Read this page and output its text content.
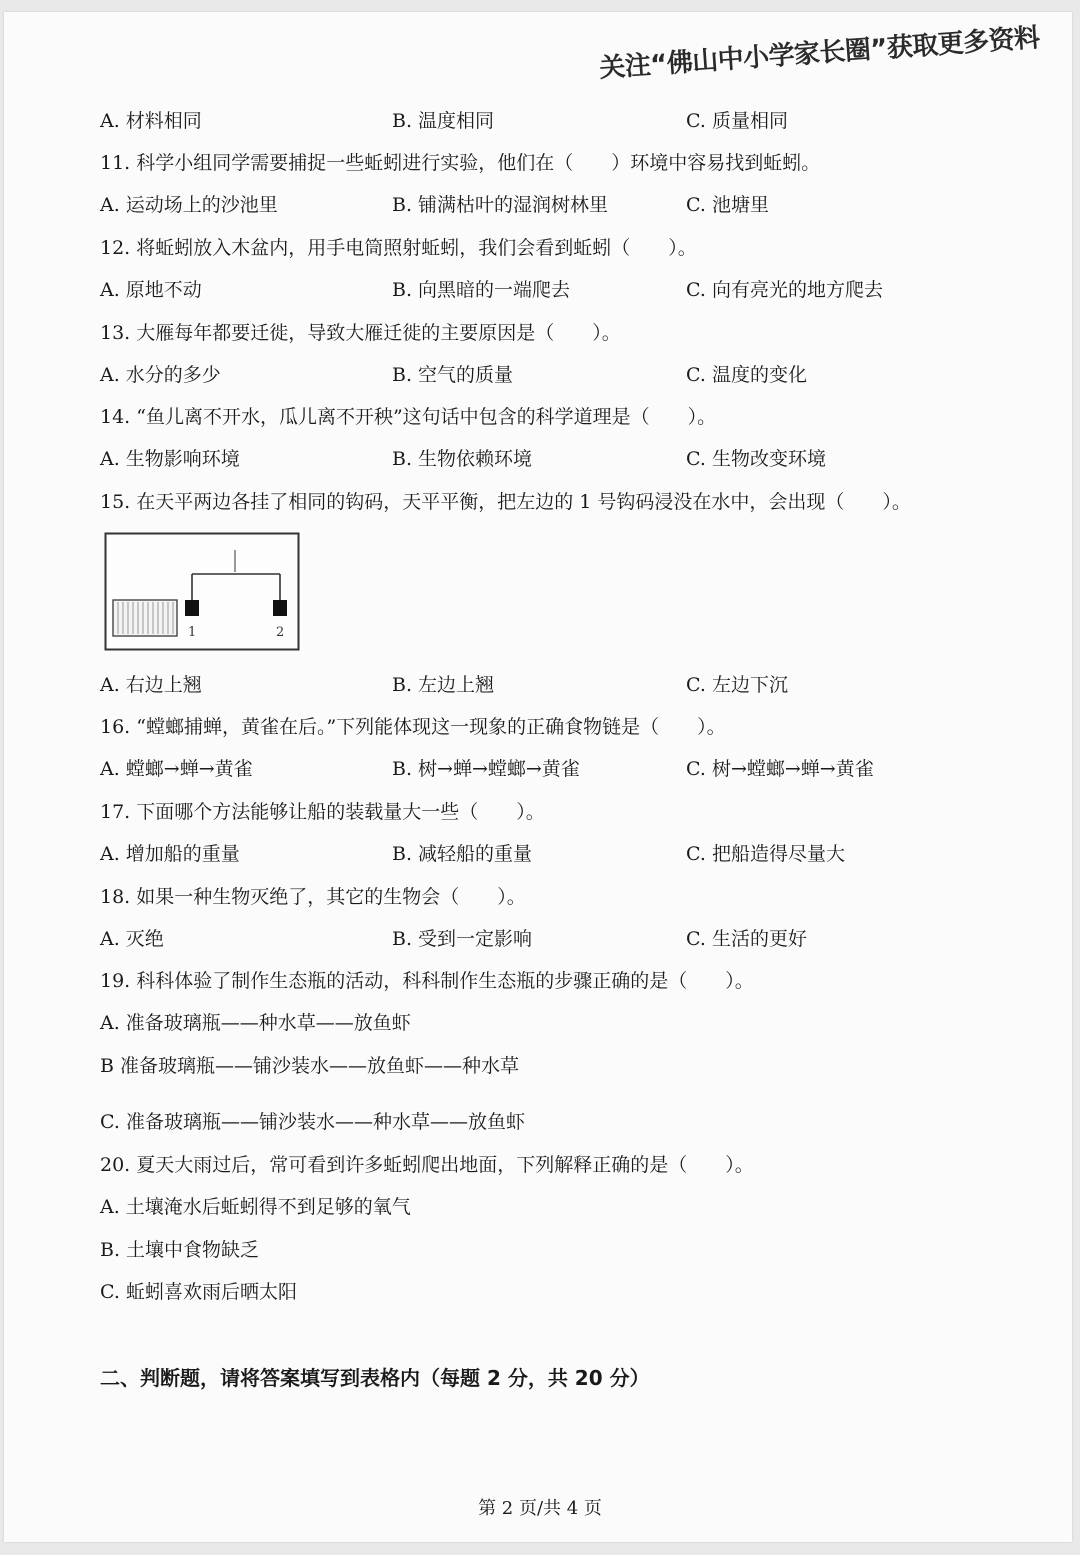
关注“佛山中小学家长圈”获取更多资料
A. 材料相同	B. 温度相同	C. 质量相同
11. 科学小组同学需要捕捉一些蚯蚓进行实验，他们在（　　）环境中容易找到蚯蚓。
A. 运动场上的沙池里	B. 铺满枯叶的湿润树林里	C. 池塘里
12. 将蚯蚓放入木盆内，用手电筒照射蚯蚓，我们会看到蚯蚓（　　）。
A. 原地不动	B. 向黑暗的一端爬去	C. 向有亮光的地方爬去
13. 大雁每年都要迁徙，导致大雁迁徙的主要原因是（　　）。
A. 水分的多少	B. 空气的质量	C. 温度的变化
14. “鱼儿离不开水，瓜儿离不开秧”这句话中包含的科学道理是（　　）。
A. 生物影响环境	B. 生物依赖环境	C. 生物改变环境
15. 在天平两边各挂了相同的钩码，天平平衡，把左边的 1 号钩码浸没在水中，会出现（　　）。
1	2
A. 右边上翘	B. 左边上翘	C. 左边下沉
16. “螳螂捕蝉，黄雀在后。”下列能体现这一现象的正确食物链是（　　）。
A. 螳螂→蝉→黄雀	B. 树→蝉→螳螂→黄雀	C. 树→螳螂→蝉→黄雀
17. 下面哪个方法能够让船的装载量大一些（　　）。
A. 增加船的重量	B. 减轻船的重量	C. 把船造得尽量大
18. 如果一种生物灭绝了，其它的生物会（　　）。
A. 灭绝	B. 受到一定影响	C. 生活的更好
19. 科科体验了制作生态瓶的活动，科科制作生态瓶的步骤正确的是（　　）。
A. 准备玻璃瓶——种水草——放鱼虾
B 准备玻璃瓶——铺沙装水——放鱼虾——种水草
C. 准备玻璃瓶——铺沙装水——种水草——放鱼虾
20. 夏天大雨过后，常可看到许多蚯蚓爬出地面，下列解释正确的是（　　）。
A. 土壤淹水后蚯蚓得不到足够的氧气
B. 土壤中食物缺乏
C. 蚯蚓喜欢雨后晒太阳
二、判断题，请将答案填写到表格内（每题 2 分，共 20 分）
第 2 页/共 4 页
